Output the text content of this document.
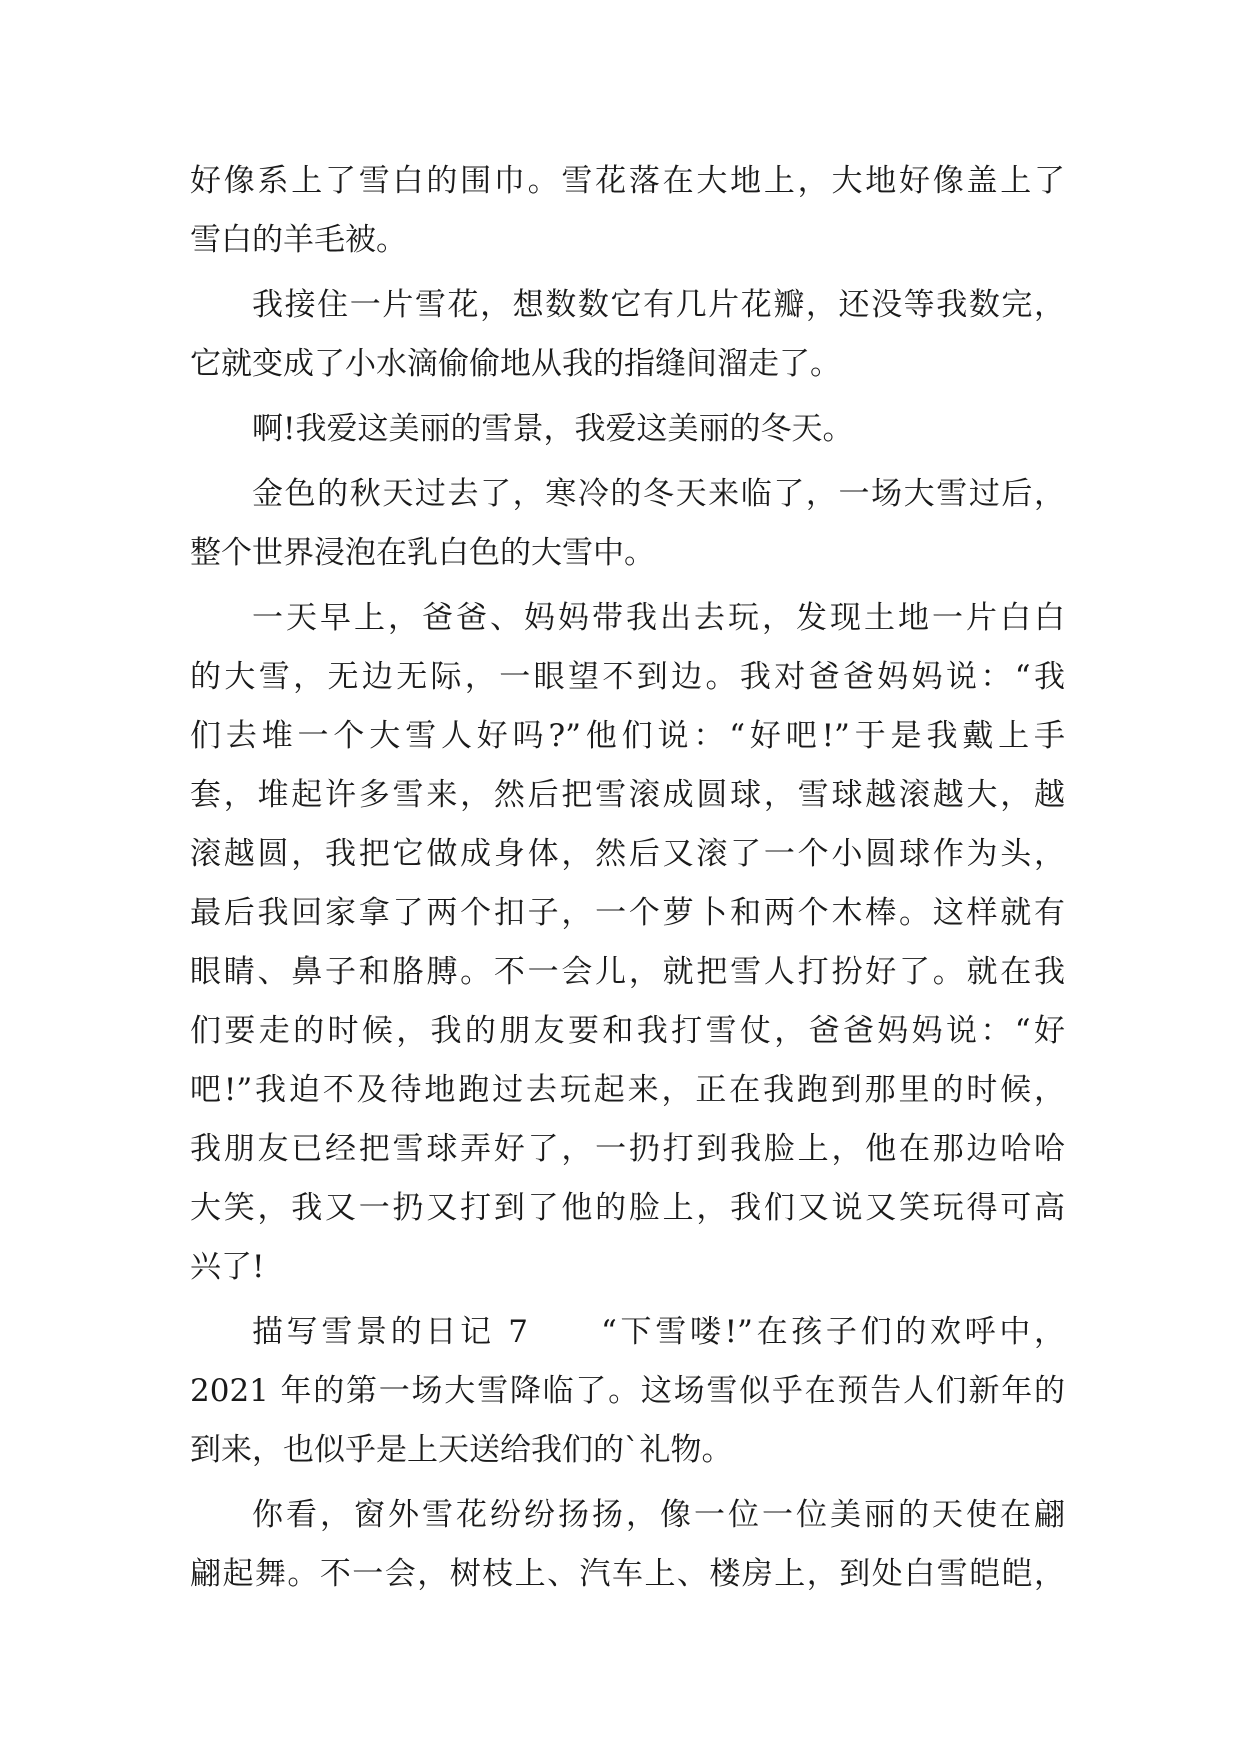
好像系上了雪白的围巾。雪花落在大地上，大地好像盖上了
雪白的羊毛被。
我接住一片雪花，想数数它有几片花瓣，还没等我数完，
它就变成了小水滴偷偷地从我的指缝间溜走了。
啊!我爱这美丽的雪景，我爱这美丽的冬天。
金色的秋天过去了，寒冷的冬天来临了，一场大雪过后，
整个世界浸泡在乳白色的大雪中。
一天早上，爸爸、妈妈带我出去玩，发现土地一片白白
的大雪，无边无际，一眼望不到边。我对爸爸妈妈说：“我
们去堆一个大雪人好吗?”他们说：“好吧!”于是我戴上手
套，堆起许多雪来，然后把雪滚成圆球，雪球越滚越大，越
滚越圆，我把它做成身体，然后又滚了一个小圆球作为头，
最后我回家拿了两个扣子，一个萝卜和两个木棒。这样就有
眼睛、鼻子和胳膊。不一会儿，就把雪人打扮好了。就在我
们要走的时候，我的朋友要和我打雪仗，爸爸妈妈说：“好
吧!”我迫不及待地跑过去玩起来，正在我跑到那里的时候，
我朋友已经把雪球弄好了，一扔打到我脸上，他在那边哈哈
大笑，我又一扔又打到了他的脸上，我们又说又笑玩得可高
兴了!
描写雪景的日记 7　　“下雪喽!”在孩子们的欢呼中，
2021 年的第一场大雪降临了。这场雪似乎在预告人们新年的
到来，也似乎是上天送给我们的`礼物。
你看，窗外雪花纷纷扬扬，像一位一位美丽的天使在翩
翩起舞。不一会，树枝上、汽车上、楼房上，到处白雪皑皑，
